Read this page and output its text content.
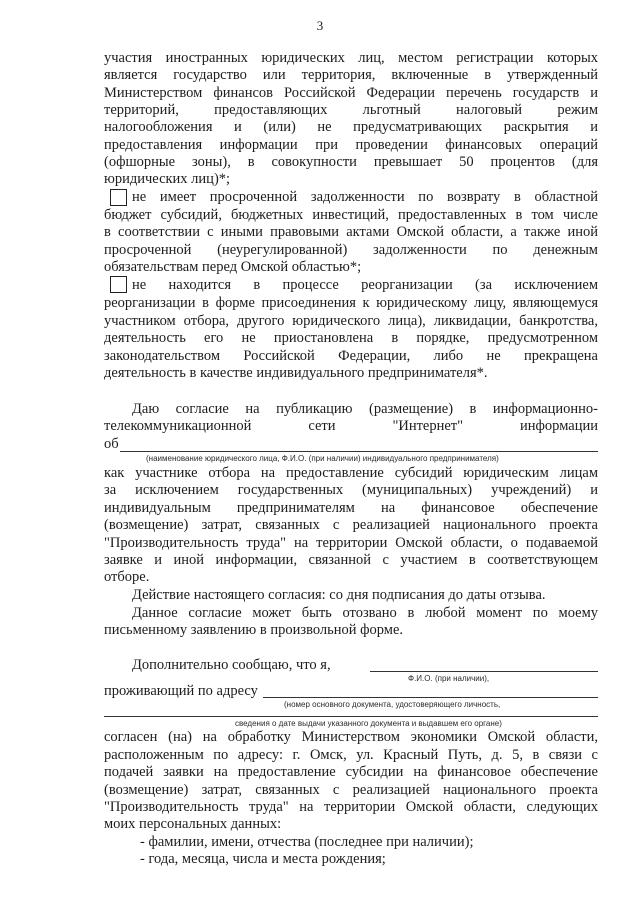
3
участия иностранных юридических лиц, местом регистрации которых
является государство или территория, включенные в утвержденный
Министерством финансов Российской Федерации перечень государств и
территорий, предоставляющих льготный налоговый режим
налогообложения и (или) не предусматривающих раскрытия и
предоставления информации при проведении финансовых операций
(офшорные зоны), в совокупности превышает 50 процентов (для
юридических лиц)*;
не имеет просроченной задолженности по возврату в областной
бюджет субсидий, бюджетных инвестиций, предоставленных в том числе
в соответствии с иными правовыми актами Омской области, а также иной
просроченной (неурегулированной) задолженности по денежным
обязательствам перед Омской областью*;
не находится в процессе реорганизации (за исключением
реорганизации в форме присоединения к юридическому лицу, являющемуся
участником отбора, другого юридического лица), ликвидации, банкротства,
деятельность его не приостановлена в порядке, предусмотренном
законодательством Российской Федерации, либо не прекращена
деятельность в качестве индивидуального предпринимателя*.
Даю согласие на публикацию (размещение) в информационно-
телекоммуникационной сети "Интернет" информации
об
(наименование юридического лица, Ф.И.О. (при наличии) индивидуального предпринимателя)
как участнике отбора на предоставление субсидий юридическим лицам
за исключением государственных (муниципальных) учреждений) и
индивидуальным предпринимателям на финансовое обеспечение
(возмещение) затрат, связанных с реализацией национального проекта
"Производительность труда" на территории Омской области, о подаваемой
заявке и иной информации, связанной с участием в соответствующем
отборе.
Действие настоящего согласия: со дня подписания до даты отзыва.
Данное согласие может быть отозвано в любой момент по моему
письменному заявлению в произвольной форме.
Дополнительно сообщаю, что я,
Ф.И.О. (при наличии),
проживающий по адресу
(номер основного документа, удостоверяющего личность,
сведения о дате выдачи указанного документа и выдавшем его органе)
согласен (на) на обработку Министерством экономики Омской области,
расположенным по адресу: г. Омск, ул. Красный Путь, д. 5, в связи с
подачей заявки на предоставление субсидии на финансовое обеспечение
(возмещение) затрат, связанных с реализацией национального проекта
"Производительность труда" на территории Омской области, следующих
моих персональных данных:
- фамилии, имени, отчества (последнее при наличии);
- года, месяца, числа и места рождения;
